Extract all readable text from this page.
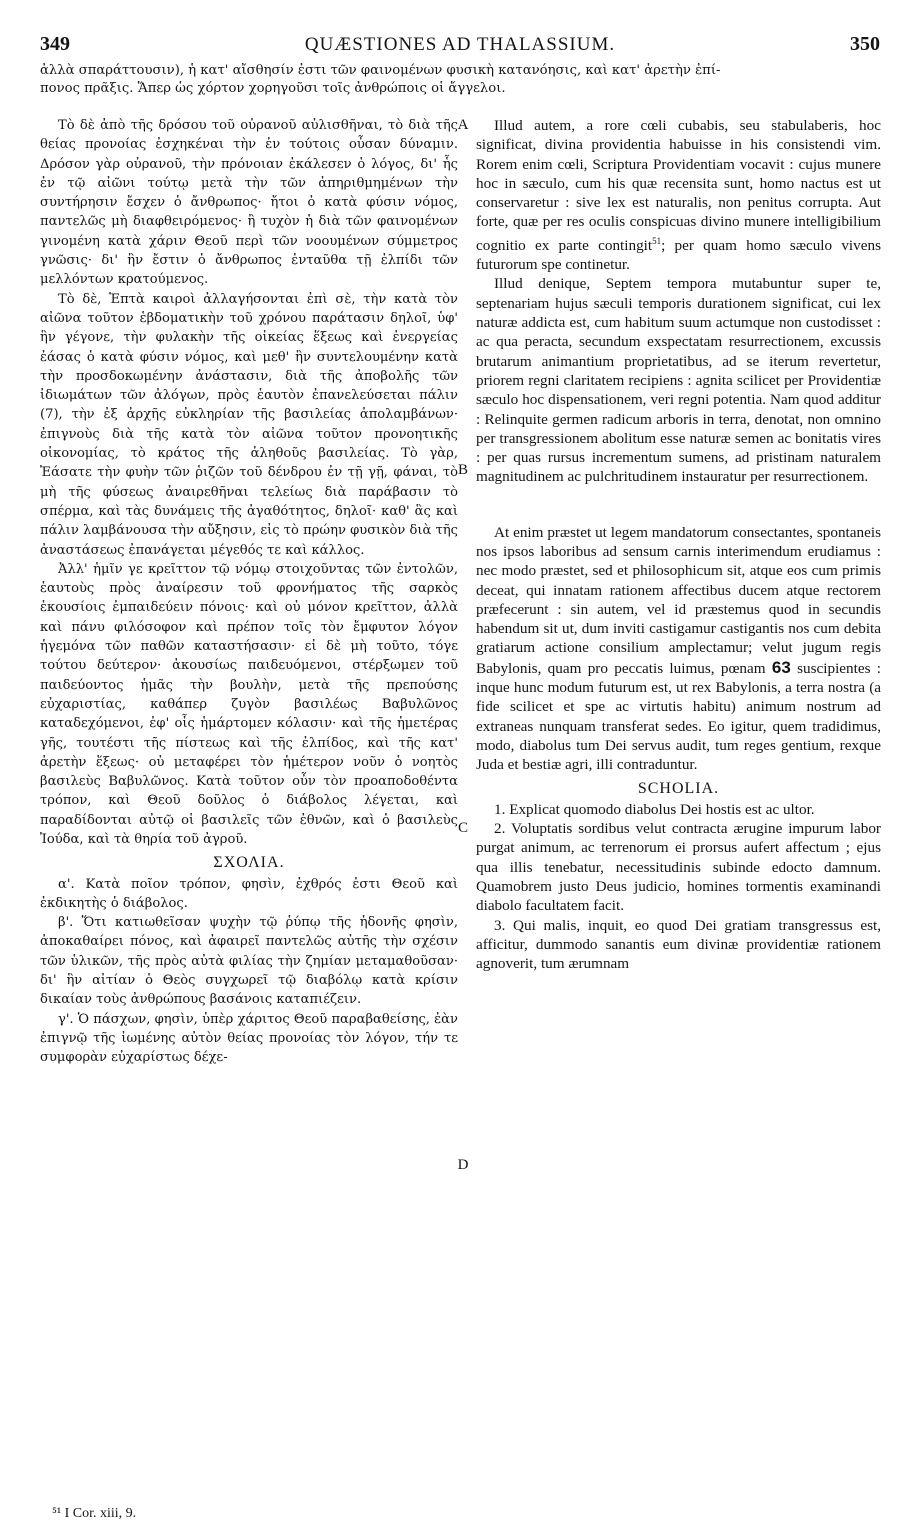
349	QUÆSTIONES AD THALASSIUM.	350

ἀλλὰ σπαράττουσιν), ἡ κατ' αἴσθησίν ἐστι τῶν φαινομένων φυσικὴ κατανόησις, καὶ κατ' ἀρετὴν ἐπί-

πονος πρᾶξις. Ἅπερ ὡς χόρτον χορηγοῦσι τοῖς ἀνθρώποις οἱ ἄγγελοι.

Τὸ δὲ ἀπὸ τῆς δρόσου τοῦ οὐρανοῦ αὐλισθῆναι, τὸ διὰ τῆς θείας προνοίας ἐσχηκέναι τὴν ἐν τούτοις οὖσαν δύναμιν. Δρόσον γὰρ οὐρανοῦ, τὴν πρόνοιαν ἐκάλεσεν ὁ λόγος, δι' ἧς ἐν τῷ αἰῶνι τούτῳ μετὰ τὴν τῶν ἀπηριθμημένων τὴν συντήρησιν ἔσχεν ὁ ἄνθρωπος· ἤτοι ὁ κατὰ φύσιν νόμος, παντελῶς μὴ διαφθειρόμενος· ἢ τυχὸν ἡ διὰ τῶν φαινομένων γινομένη κατὰ χάριν Θεοῦ περὶ τῶν νοουμένων σύμμετρος γνῶσις· δι' ἣν ἔστιν ὁ ἄνθρωπος ἐνταῦθα τῇ ἐλπίδι τῶν μελλόντων κρατούμενος.

Τὸ δὲ, Ἑπτὰ καιροὶ ἀλλαγήσονται ἐπὶ σὲ, τὴν κατὰ τὸν αἰῶνα τοῦτον ἑβδοματικὴν τοῦ χρόνου παράτασιν δηλοῖ, ὑφ' ἣν γέγονε, τὴν φυλακὴν τῆς οἰκείας ἕξεως καὶ ἐνεργείας ἐάσας ὁ κατὰ φύσιν νόμος, καὶ μεθ' ἣν συντελουμένην κατὰ τὴν προσδοκωμένην ἀνάστασιν, διὰ τῆς ἀποβολῆς τῶν ἰδιωμάτων τῶν ἀλόγων, πρὸς ἑαυτὸν ἐπανελεύσεται πάλιν (7), τὴν ἐξ ἀρχῆς εὐκληρίαν τῆς βασιλείας ἀπολαμβάνων· ἐπιγνοὺς διὰ τῆς κατὰ τὸν αἰῶνα τοῦτον προνοητικῆς οἰκονομίας, τὸ κράτος τῆς ἀληθοῦς βασιλείας. Τὸ γὰρ, Ἐάσατε τὴν φυὴν τῶν ῥιζῶν τοῦ δένδρου ἐν τῇ γῇ, φάναι, τὸ μὴ τῆς φύσεως ἀναιρεθῆναι τελείως διὰ παράβασιν τὸ σπέρμα, καὶ τὰς δυνάμεις τῆς ἀγαθότητος, δηλοῖ· καθ' ἃς καὶ πάλιν λαμβάνουσα τὴν αὔξησιν, εἰς τὸ πρώην φυσικὸν διὰ τῆς ἀναστάσεως ἐπανάγεται μέγεθός τε καὶ κάλλος.

Ἀλλ' ἡμῖν γε κρεῖττον τῷ νόμῳ στοιχοῦντας τῶν ἐντολῶν, ἑαυτοὺς πρὸς ἀναίρεσιν τοῦ φρονήματος τῆς σαρκὸς ἑκουσίοις ἐμπαιδεύειν πόνοις· καὶ οὐ μόνον κρεῖττον, ἀλλὰ καὶ πάνυ φιλόσοφον καὶ πρέπον τοῖς τὸν ἔμφυτον λόγον ἡγεμόνα τῶν παθῶν καταστήσασιν· εἰ δὲ μὴ τοῦτο, τόγε τούτου δεύτερον· ἀκουσίως παιδευόμενοι, στέρξωμεν τοῦ παιδεύοντος ἡμᾶς τὴν βουλὴν, μετὰ τῆς πρεπούσης εὐχαριστίας, καθάπερ ζυγὸν βασιλέως Βαβυλῶνος καταδεχόμενοι, ἐφ' οἷς ἡμάρτομεν κόλασιν· καὶ τῆς ἡμετέρας γῆς, τουτέστι τῆς πίστεως καὶ τῆς ἐλπίδος, καὶ τῆς κατ' ἀρετὴν ἕξεως· οὐ μεταφέρει τὸν ἡμέτερον νοῦν ὁ νοητὸς βασιλεὺς Βαβυλῶνος. Κατὰ τοῦτον οὖν τὸν προαποδοθέντα τρόπον, καὶ Θεοῦ δοῦλος ὁ διάβολος λέγεται, καὶ παραδίδονται αὐτῷ οἱ βασιλεῖς τῶν ἐθνῶν, καὶ ὁ βασιλεὺς Ἰούδα, καὶ τὰ θηρία τοῦ ἀγροῦ.

ΣΧΟΛΙΑ.

α'. Κατὰ ποῖον τρόπον, φησὶν, ἐχθρός ἐστι Θεοῦ καὶ ἐκδικητὴς ὁ διάβολος.

β'. Ὅτι κατιωθεῖσαν ψυχὴν τῷ ῥύπῳ τῆς ἡδονῆς φησὶν, ἀποκαθαίρει πόνος, καὶ ἀφαιρεῖ παντελῶς αὐτῆς τὴν σχέσιν τῶν ὑλικῶν, τῆς πρὸς αὐτὰ φιλίας τὴν ζημίαν μεταμαθοῦσαν· δι' ἣν αἰτίαν ὁ Θεὸς συγχωρεῖ τῷ διαβόλῳ κατὰ κρίσιν δικαίαν τοὺς ἀνθρώπους βασάνοις καταπιέζειν.

γ'. Ὁ πάσχων, φησὶν, ὑπὲρ χάριτος Θεοῦ παραβαθείσης, ἐὰν ἐπιγνῷ τῆς ἰωμένης αὐτὸν θείας προνοίας τὸν λόγον, τήν τε συμφορὰν εὐχαρίστως δέχε-

A
B
C
D

Illud autem, a rore cœli cubabis, seu stabulaberis, hoc significat, divina providentia habuisse in his consistendi vim. Rorem enim cœli, Scriptura Providentiam vocavit : cujus munere hoc in sæculo, cum his quæ recensita sunt, homo nactus est ut conservaretur : sive lex est naturalis, non penitus corrupta. Aut forte, quæ per res oculis conspicuas divino munere intelligibilium cognitio ex parte contingit$^{51}$; per quam homo sæculo vivens futurorum spe continetur.

Illud denique, Septem tempora mutabuntur super te, septenariam hujus sæculi temporis durationem significat, cui lex naturæ addicta est, cum habitum suum actumque non custodisset : ac qua peracta, secundum exspectatam resurrectionem, excussis brutarum animantium proprietatibus, ad se iterum revertetur, priorem regni claritatem recipiens : agnita scilicet per Providentiæ sæculo hoc dispensationem, veri regni potentia. Nam quod additur : Relinquite germen radicum arboris in terra, denotat, non omnino per transgressionem abolitum esse naturæ semen ac bonitatis vires : per quas rursus incrementum sumens, ad pristinam naturalem magnitudinem ac pulchritudinem instauratur per resurrectionem.

At enim præstet ut legem mandatorum consectantes, spontaneis nos ipsos laboribus ad sensum carnis interimendum erudiamus : nec modo præstet, sed et philosophicum sit, atque eos cum primis deceat, qui innatam rationem affectibus ducem atque rectorem præfecerunt : sin autem, vel id præstemus quod in secundis habendum sit ut, dum inviti castigamur castigantis nos cum debita gratiarum actione consilium amplectamur; velut jugum regis Babylonis, quam pro peccatis luimus, pœnam 63 suscipientes : inque hunc modum futurum est, ut rex Babylonis, a terra nostra (a fide scilicet et spe ac virtutis habitu) animum nostrum ad extraneas nunquam transferat sedes. Eo igitur, quem tradidimus, modo, diabolus tum Dei servus audit, tum reges gentium, rexque Juda et bestiæ agri, illi contraduntur.

SCHOLIA.

1. Explicat quomodo diabolus Dei hostis est ac ultor.

2. Voluptatis sordibus velut contracta ærugine impurum labor purgat animum, ac terrenorum ei prorsus aufert affectum ; ejus qua illis tenebatur, necessitudinis subinde edocto damnum. Quamobrem justo Deus judicio, homines tormentis examinandi diabolo facultatem facit.

3. Qui malis, inquit, eo quod Dei gratiam transgressus est, afficitur, dummodo sanantis eum divinæ providentiæ rationem agnoverit, tum ærumnam

⁵¹ I Cor. xiii, 9.
